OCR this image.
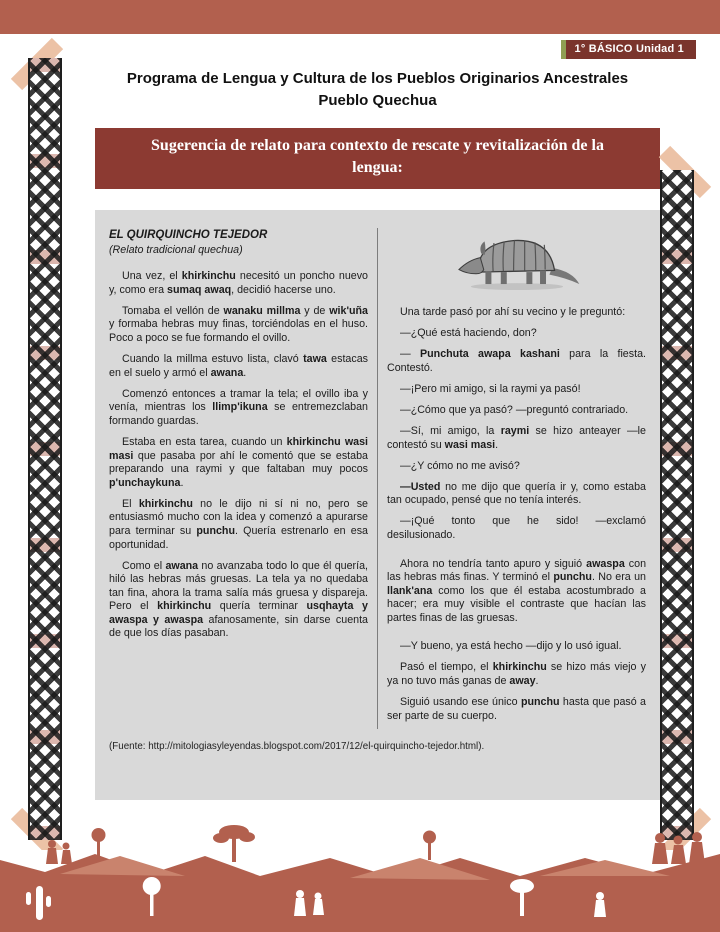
1° BÁSICO Unidad 1
Programa de Lengua y Cultura de los Pueblos Originarios Ancestrales
Pueblo Quechua
Sugerencia de relato para contexto de rescate y revitalización de la lengua:
EL QUIRQUINCHO TEJEDOR
(Relato tradicional quechua)

Una vez, el khirkinchu necesitó un poncho nuevo y, como era sumaq awaq, decidió hacerse uno.

Tomaba el vellón de wanaku millma y de wik'uña y formaba hebras muy finas, torciéndolas en el huso. Poco a poco se fue formando el ovillo.

Cuando la millma estuvo lista, clavó tawa estacas en el suelo y armó el awana.

Comenzó entonces a tramar la tela; el ovillo iba y venía, mientras los llimp'ikuna se entremezclaban formando guardas.

Estaba en esta tarea, cuando un khirkinchu wasi masi que pasaba por ahí le comentó que se estaba preparando una raymi y que faltaban muy pocos p'unchaykuna.

El khirkinchu no le dijo ni sí ni no, pero se entusiasmó mucho con la idea y comenzó a apurarse para terminar su punchu. Quería estrenarlo en esa oportunidad.

Como el awana no avanzaba todo lo que él quería, hiló las hebras más gruesas. La tela ya no quedaba tan fina, ahora la trama salía más gruesa y dispareja. Pero el khirkinchu quería terminar usqhayta y awaspa y awaspa afanosamente, sin darse cuenta de que los días pasaban.

Una tarde pasó por ahí su vecino y le preguntó:

—¿Qué está haciendo, don?

— Punchuta awapa kashani para la fiesta. Contestó.

—¡Pero mi amigo, si la raymi ya pasó!

—¿Cómo que ya pasó? —preguntó contrariado.

—Sí, mi amigo, la raymi se hizo anteayer —le contestó su wasi masi.

—¿Y cómo no me avisó?

—Usted no me dijo que quería ir y, como estaba tan ocupado, pensé que no tenía interés.

—¡Qué tonto que he sido! —exclamó desilusionado.

Ahora no tendría tanto apuro y siguió awaspa con las hebras más finas. Y terminó el punchu. No era un llank'ana como los que él estaba acostumbrado a hacer; era muy visible el contraste que hacían las partes finas de las gruesas.

—Y bueno, ya está hecho —dijo y lo usó igual.

Pasó el tiempo, el khirkinchu se hizo más viejo y ya no tuvo más ganas de away.

Siguió usando ese único punchu hasta que pasó a ser parte de su cuerpo.

(Fuente: http://mitologiasyleyendas.blogspot.com/2017/12/el-quirquincho-tejedor.html).
